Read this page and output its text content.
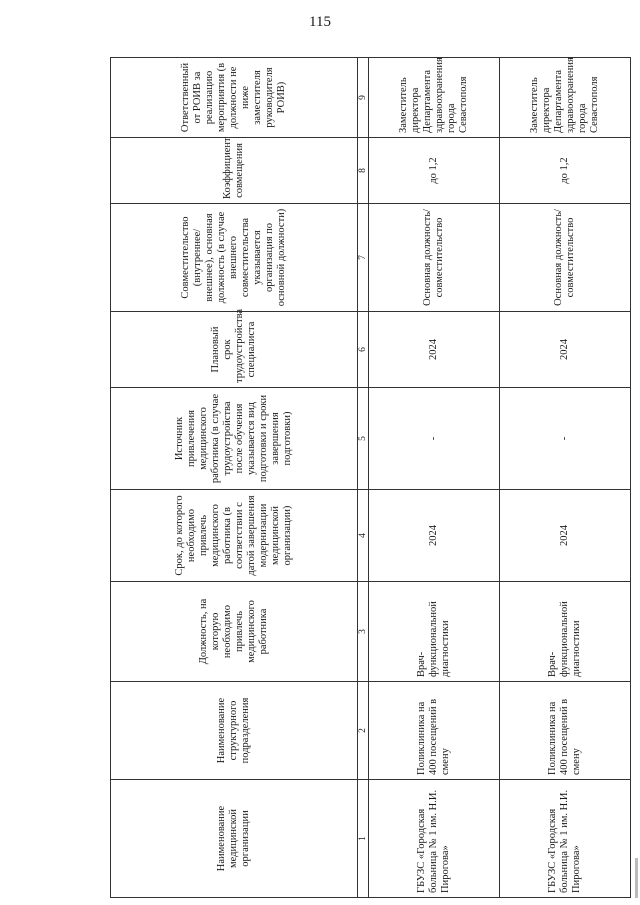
115
Наименование медицинской организации	Наименование структурного подразделения	Должность, на которую необходимо привлечь медицинского работника	Срок, до которого необходимо привлечь медицинского работника (в соответствии с датой завершения модернизации медицинской организации)	Источник привлечения медицинского работника (в случае трудоустройства после обучения указывается вид подготовки и сроки завершения подготовки)	Плановый срок трудоустройства специалиста	Совместительство (внутреннее/внешнее), основная должность (в случае внешнего совместительства указывается организация по основной должности)	Коэффициент совмещения	Ответственный от РОИВ за реализацию мероприятия (в должности не ниже заместителя руководителя РОИВ)
1	2	3	4	5	6	7	8	9
ГБУЗС «Городская больница № 1 им. Н.И. Пирогова»	Поликлиника на 400 посещений в смену	Врач-функциональной диагностики	2024	-	2024	Основная должность/ совместительство	до 1,2	Заместитель директора Департамента здравоохранения города Севастополя
ГБУЗС «Городская больница № 1 им. Н.И. Пирогова»	Поликлиника на 400 посещений в смену	Врач-функциональной диагностики	2024	-	2024	Основная должность/ совместительство	до 1,2	Заместитель директора Департамента здравоохранения города Севастополя
